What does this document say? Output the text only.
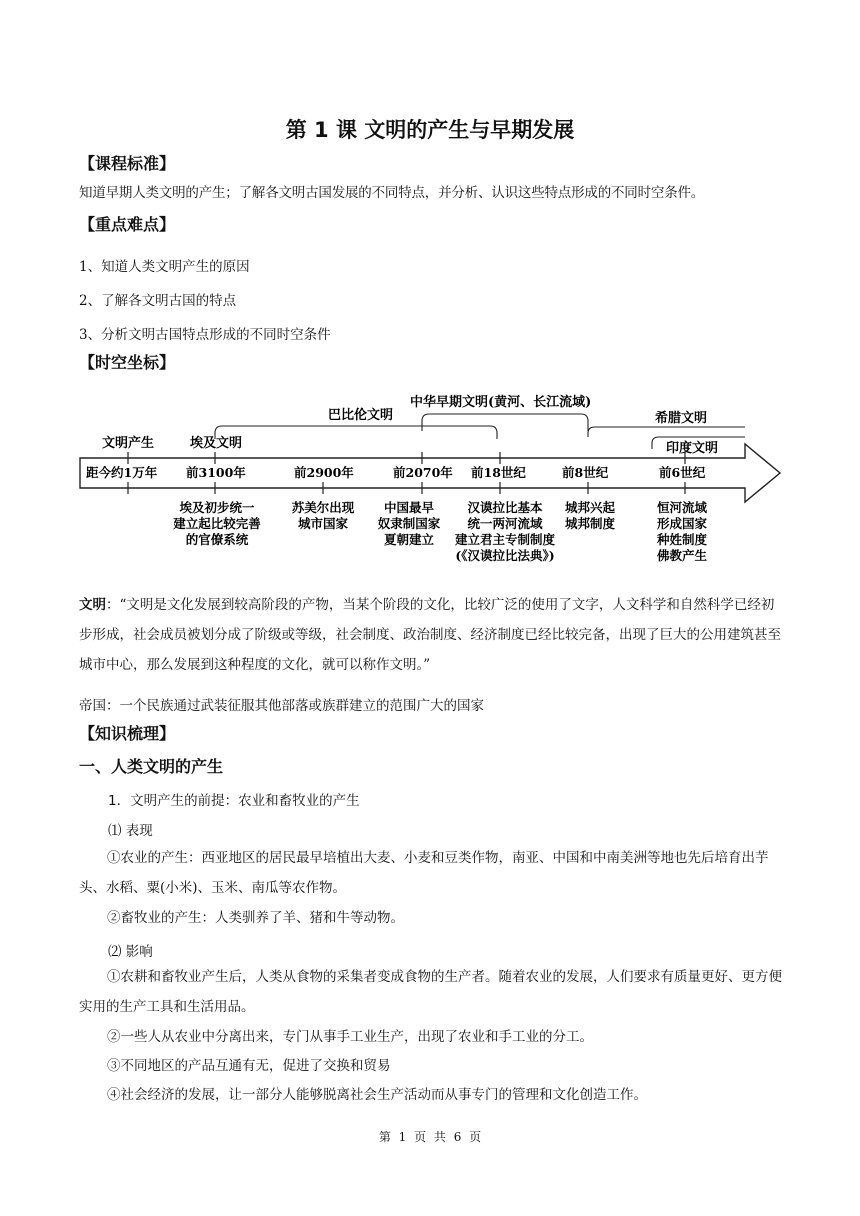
第 1 课 文明的产生与早期发展
【课程标准】
知道早期人类文明的产生；了解各文明古国发展的不同特点，并分析、认识这些特点形成的不同时空条件。
【重点难点】
1、知道人类文明产生的原因
2、了解各文明古国的特点
3、分析文明古国特点形成的不同时空条件
【时空坐标】
文明产生	埃及文明
巴比伦文明
中华早期文明(黄河、长江流域)
希腊文明
印度文明
距今约1万年 前3100年	前2900年	前2070年 前18世纪	前8世纪	前6世纪
埃及初步统一
建立起比较完善
的官僚系统
苏美尔出现
城市国家
中国最早
奴隶制国家
夏朝建立
汉谟拉比基本
统一两河流域
建立君主专制制度
(《汉谟拉比法典》)
城邦兴起
城邦制度
恒河流域
形成国家
种姓制度
佛教产生
文明：“文明是文化发展到较高阶段的产物，当某个阶段的文化，比较广泛的使用了文字，人文科学和自然科学已经初步形成，社会成员被划分成了阶级或等级，社会制度、政治制度、经济制度已经比较完备，出现了巨大的公用建筑甚至城市中心，那么发展到这种程度的文化，就可以称作文明。”
帝国：一个民族通过武装征服其他部落或族群建立的范围广大的国家
【知识梳理】
一、人类文明的产生
1．文明产生的前提：农业和畜牧业的产生
⑴ 表现
①农业的产生：西亚地区的居民最早培植出大麦、小麦和豆类作物，南亚、中国和中南美洲等地也先后培育出芋头、水稻、粟(小米)、玉米、南瓜等农作物。
②畜牧业的产生：人类驯养了羊、猪和牛等动物。
⑵ 影响
①农耕和畜牧业产生后，人类从食物的采集者变成食物的生产者。随着农业的发展，人们要求有质量更好、更方便实用的生产工具和生活用品。
②一些人从农业中分离出来，专门从事手工业生产，出现了农业和手工业的分工。
③不同地区的产品互通有无，促进了交换和贸易
④社会经济的发展，让一部分人能够脱离社会生产活动而从事专门的管理和文化创造工作。
第 1 页 共 6 页
